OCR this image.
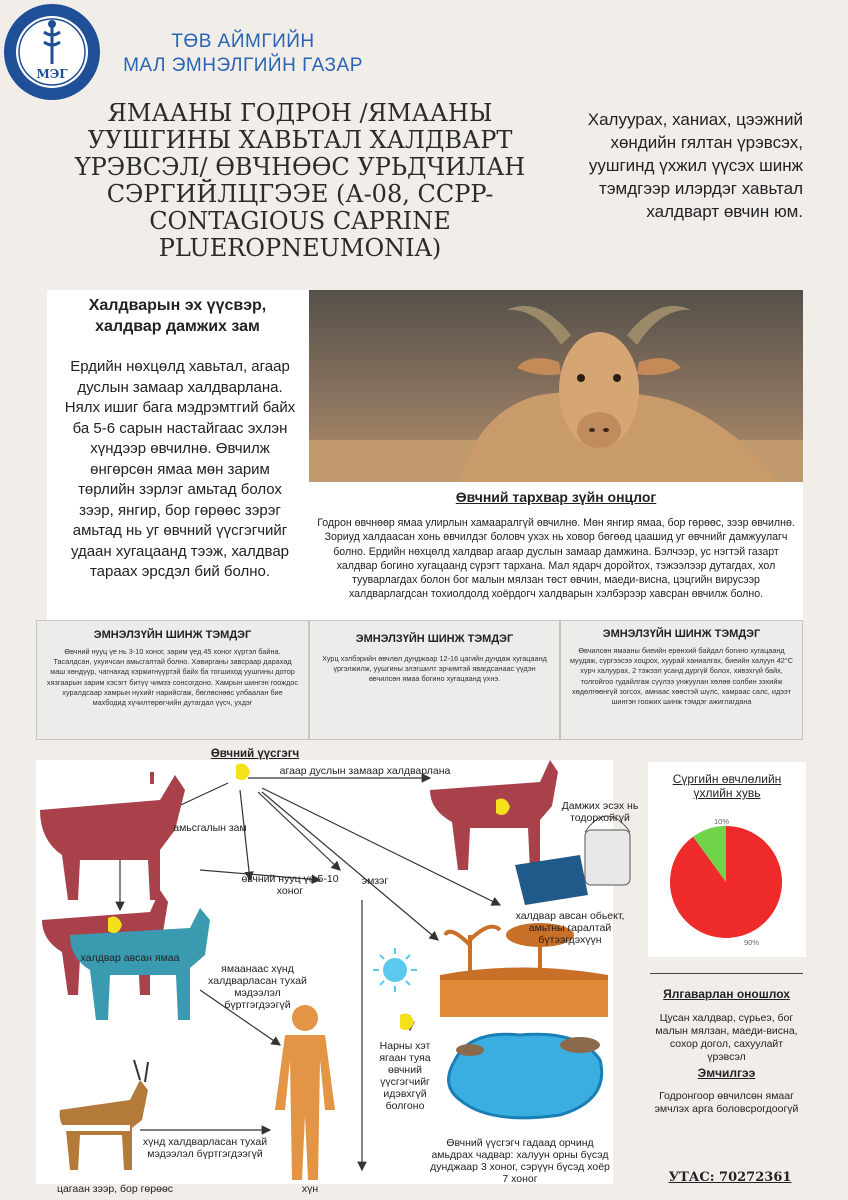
МЭГ
ТӨВ АЙМГИЙН
МАЛ ЭМНЭЛГИЙН ГАЗАР
ЯМААНЫ ГОДРОН /ЯМААНЫ УУШГИНЫ ХАВЬТАЛ ХАЛДВАРТ ҮРЭВСЭЛ/ ӨВЧНӨӨС УРЬДЧИЛАН СЭРГИЙЛЦГЭЭЕ (А-08, CCPP-CONTAGIOUS CAPRINE PLUEROPNEUMONIA)
Халуурах, ханиах, цээжний хөндийн гялтан үрэвсэх, уушгинд үхжил үүсэх шинж тэмдгээр илэрдэг хавьтал халдварт өвчин юм.
Халдварын эх үүсвэр, халдвар дамжих зам
Ердийн нөхцөлд хавьтал, агаар дуслын замаар халдварлана. Нялх ишиг бага мэдрэмтгий байх ба 5-6 сарын настайгаас эхлэн хүндээр өвчилнө. Өвчилж өнгөрсөн ямаа мөн зарим төрлийн зэрлэг амьтад болох зээр, янгир, бор гөрөөс зэрэг амьтад нь уг өвчний үүсгэгчийг удаан хугацаанд тээж, халдвар тараах эрсдэл бий болно.
Өвчний тархвар зүйн онцлог
Годрон өвчнөөр ямаа улирлын хамааралгүй өвчилнө. Мөн янгир ямаа, бор гөрөөс, зээр өвчилнө. Зориуд халдаасан хонь өвчилдэг боловч ухэх нь ховор бөгөөд цаашид уг өвчнийг дамжуулагч болно. Ердийн нөхцөлд халдвар агаар дуслын замаар дамжина. Бэлчээр, ус нэгтэй газарт халдвар богино хугацаанд сүрэгт тархана. Мал ядарч доройтох, тэжээлээр дутагдах, хол тууварлагдах болон бог малын мялзан төст өвчин, маеди-висна, цэцгийн вирусээр халдварлагдсан тохиолдолд хоёрдогч халдварын хэлбэрээр хавсран өвчилж болно.
ЭМНЭЛЗҮЙН ШИНЖ ТЭМДЭГ
Өвчний нууц үе нь 3-10 хоног, зарим үед 45 хоног хүртэл байна. Тасалдсан, ухуичсан амьсгалтай болно. Хавирганы завсраар дарахад маш хөндүүр, чагнахад хэржигнүүртэй байх ба тогшиход уушгины дотор хязгаарын зарим хэсэгт битүү чимээ сонсогдоно. Хамрын шингэн гоождос хуралдсаар хамрын нүхийг нарийсгаж, бөглөснөөс улбаалан бие махбодид хүчилтөрөгчийн дутагдал үүсч, ухдэг
ЭМНЭЛЗҮЙН ШИНЖ ТЭМДЭГ
Хурц хэлбэрийн өвчлөл дунджаар 12-16 цагийн дундаж хугацаанд үргэлжилж, уушгины элэгшилт эрчимтэй явагдсанаас үүдэн өвчилсөн ямаа богино хугацаанд үхнэ.
ЭМНЭЛЗҮЙН ШИНЖ ТЭМДЭГ
Өвчилсөн ямааны биеийн ерөнхий байдал богино хугацаанд муудаж, сүргээсээ хоцрох, хуурай ханиалгах, биеийн халуун 42°С хүрч халуурах, 2 тэжээл усанд дургүй болох, хивэхгүй байх, толгойгоо гудайлгаж сүүлээ унжуулан хөлөө солбин зэхийж хөдөлгөөнгүй зогсох, амнаас хөөстэй шүлс, хамраас салс, идээт шингэн гоожих шинж тэмдэг ажиглагдана
Өвчний үүсгэгч
агаар дуслын замаар халдварлана
амьсгалын зам
өвчний нууц үе 5-10 хоног
эмзэг
Дамжих эсэх нь тодорхойгүй
халдвар авсан обьект, амьтны гаралтай бүтээгдэхүүн
халдвар авсан ямаа
ямаанаас хүнд халдварласан тухай мэдээлэл бүртгэгдээгүй
Нарны хэт ягаан туяа өвчний үүсгэгчийг идэвхгүй болгоно
Өвчний үүсгэгч гадаад орчинд амьдрах чадвар: халуун орны бүсэд дунджаар 3 хоног, сэрүүн бүсэд хоёр 7 хоног
хүнд халдварласан тухай мэдээлэл бүртгэгдээгүй
цагаан зээр, бор гөрөөс	хүн
Сүргийн өвчлөлийн үхлийн хувь
10%
90%
Ялгаварлан оношлох
Цусан халдвар, сүрьеэ, бог малын мялзан, маеди-висна, сохор догол, сахуулайт үрэвсэл
Эмчилгээ
Годронгоор өвчилсөн ямааг эмчлэх арга боловсрогдоогүй
УТАС: 70272361
